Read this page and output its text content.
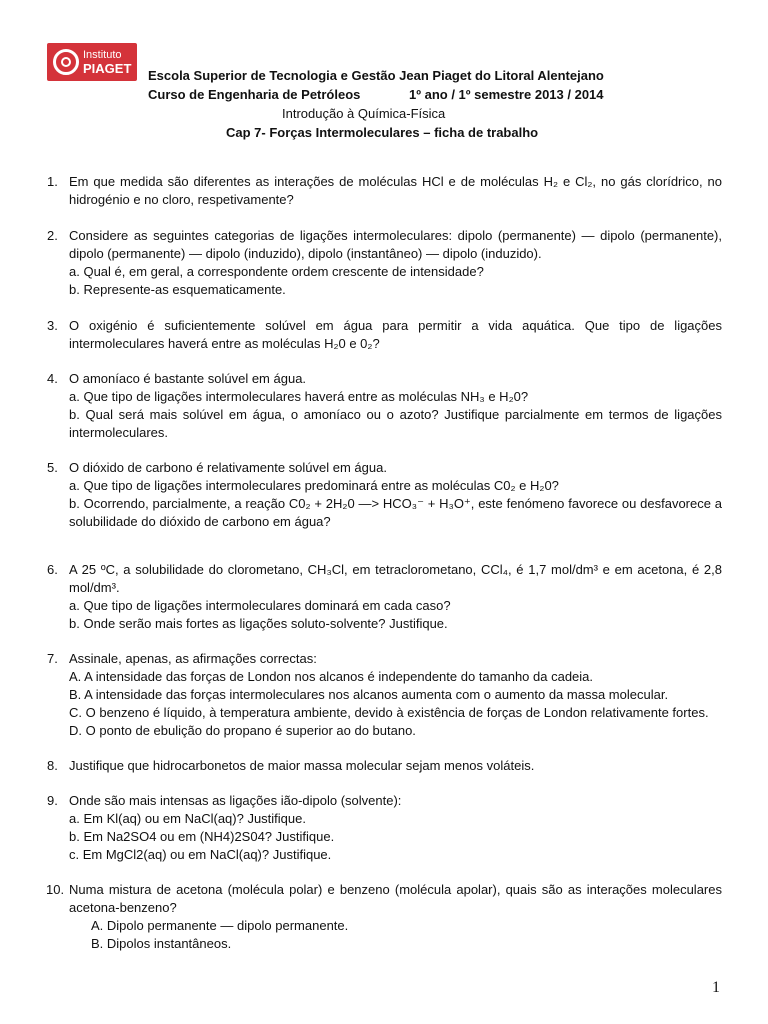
Instituto
PIAGET Escola Superior de Tecnologia e Gestão Jean Piaget do Litoral Alentejano
Curso de Engenharia de Petróleos	1º ano / 1º semestre 2013 / 2014
Introdução à Química-Física
Cap 7- Forças Intermoleculares – ficha de trabalho
1. Em que medida são diferentes as interações de moléculas HCl e de moléculas H₂ e Cl₂, no gás clorídrico, no hidrogénio e no cloro, respetivamente?
2. Considere as seguintes categorias de ligações intermoleculares: dipolo (permanente) — dipolo (permanente), dipolo (permanente) — dipolo (induzido), dipolo (instantâneo) — dipolo (induzido).
a. Qual é, em geral, a correspondente ordem crescente de intensidade?
b. Represente-as esquematicamente.
3. O oxigénio é suficientemente solúvel em água para permitir a vida aquática. Que tipo de ligações intermoleculares haverá entre as moléculas H₂0 e 0₂?
4. O amoníaco é bastante solúvel em água.
a. Que tipo de ligações intermoleculares haverá entre as moléculas NH₃ e H₂0?
b. Qual será mais solúvel em água, o amoníaco ou o azoto? Justifique parcialmente em termos de ligações intermoleculares.
5. O dióxido de carbono é relativamente solúvel em água.
a. Que tipo de ligações intermoleculares predominará entre as moléculas C0₂ e H₂0?
b. Ocorrendo, parcialmente, a reação C0₂ + 2H₂0 —> HCO₃⁻ + H₃O⁺, este fenómeno favorece ou desfavorece a solubilidade do dióxido de carbono em água?
6. A 25 ºC, a solubilidade do clorometano, CH₃Cl, em tetraclorometano, CCl₄, é 1,7 mol/dm³ e em acetona, é 2,8 mol/dm³.
a. Que tipo de ligações intermoleculares dominará em cada caso?
b. Onde serão mais fortes as ligações soluto-solvente? Justifique.
7. Assinale, apenas, as afirmações correctas:
A. A intensidade das forças de London nos alcanos é independente do tamanho da cadeia.
B. A intensidade das forças intermoleculares nos alcanos aumenta com o aumento da massa molecular.
C. O benzeno é líquido, à temperatura ambiente, devido à existência de forças de London relativamente fortes.
D. O ponto de ebulição do propano é superior ao do butano.
8. Justifique que hidrocarbonetos de maior massa molecular sejam menos voláteis.
9. Onde são mais intensas as ligações ião-dipolo (solvente):
a. Em Kl(aq) ou em NaCl(aq)? Justifique.
b. Em Na2SO4 ou em (NH4)2S04? Justifique.
c. Em MgCl2(aq) ou em NaCl(aq)? Justifique.
10. Numa mistura de acetona (molécula polar) e benzeno (molécula apolar), quais são as interações moleculares acetona-benzeno?
A. Dipolo permanente — dipolo permanente.
B. Dipolos instantâneos.
1
